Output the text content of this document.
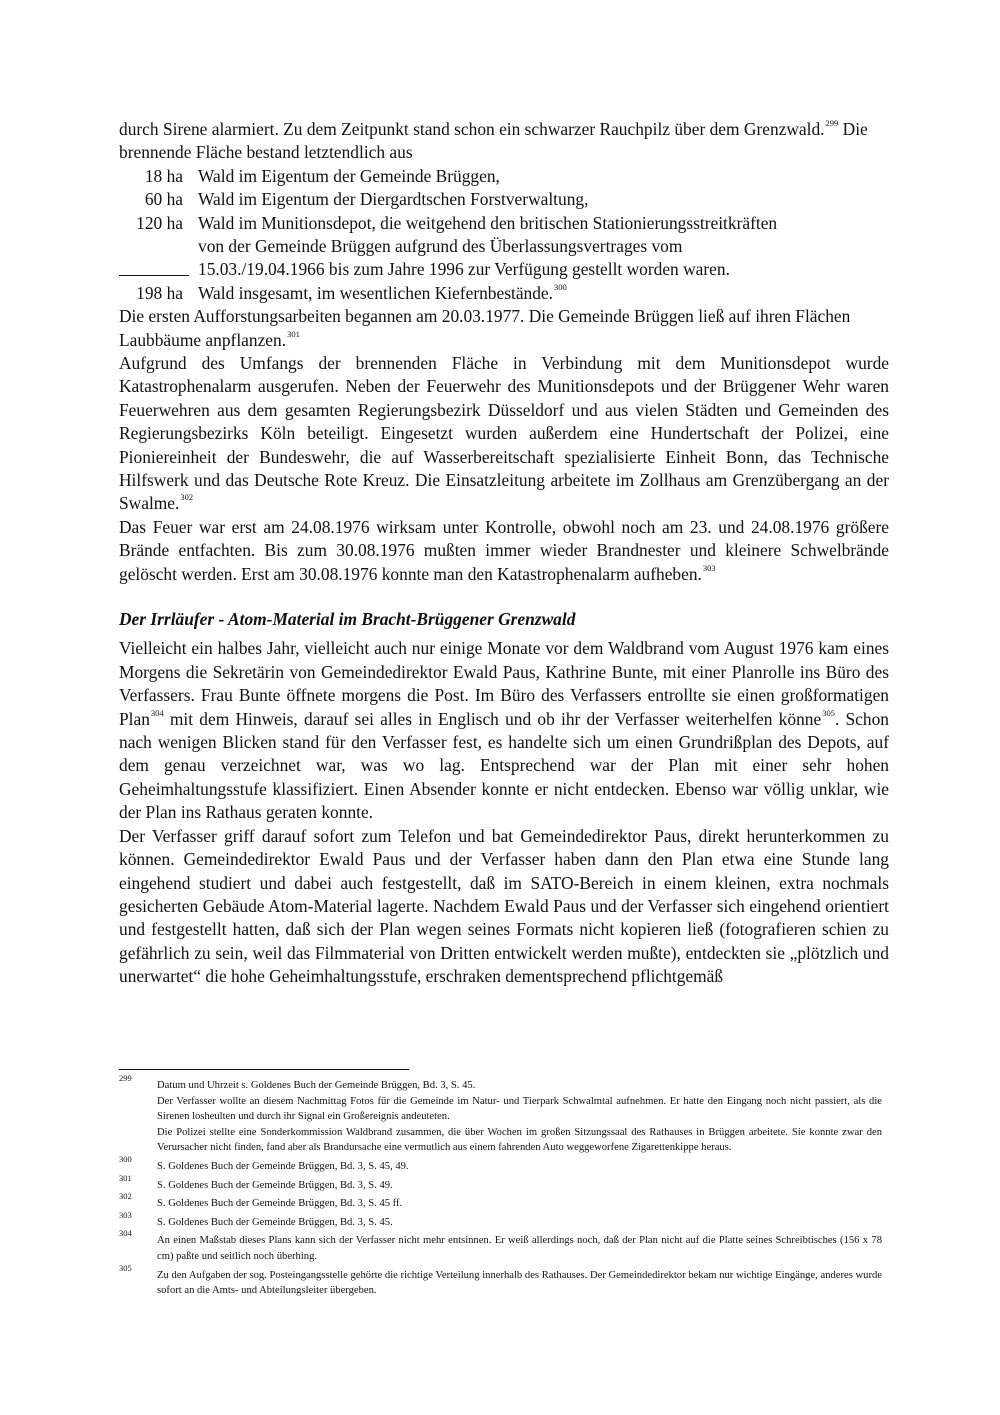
durch Sirene alarmiert. Zu dem Zeitpunkt stand schon ein schwarzer Rauchpilz über dem Grenzwald.$^{299}$ Die brennende Fläche bestand letztendlich aus

18 ha Wald im Eigentum der Gemeinde Brüggen,
60 ha Wald im Eigentum der Diergardtschen Forstverwaltung,
120 ha Wald im Munitionsdepot, die weitgehend den britischen Stationierungsstreitkräften
von der Gemeinde Brüggen aufgrund des Überlassungsvertrages vom
15.03./19.04.1966 bis zum Jahre 1996 zur Verfügung gestellt worden waren.
198 ha Wald insgesamt, im wesentlichen Kiefernbestände.$^{300}$

Die ersten Aufforstungsarbeiten begannen am 20.03.1977. Die Gemeinde Brüggen ließ auf ihren Flächen Laubbäume anpflanzen.$^{301}$

Aufgrund des Umfangs der brennenden Fläche in Verbindung mit dem Munitionsdepot wurde Katastrophenalarm ausgerufen. Neben der Feuerwehr des Munitionsdepots und der Brüggener Wehr waren Feuerwehren aus dem gesamten Regierungsbezirk Düsseldorf und aus vielen Städten und Gemeinden des Regierungsbezirks Köln beteiligt. Eingesetzt wurden außerdem eine Hundertschaft der Polizei, eine Pioniereinheit der Bundeswehr, die auf Wasserbereitschaft spezialisierte Einheit Bonn, das Technische Hilfswerk und das Deutsche Rote Kreuz. Die Einsatzleitung arbeitete im Zollhaus am Grenzübergang an der Swalme.$^{302}$

Das Feuer war erst am 24.08.1976 wirksam unter Kontrolle, obwohl noch am 23. und 24.08.1976 größere Brände entfachten. Bis zum 30.08.1976 mußten immer wieder Brandnester und kleinere Schwelbrände gelöscht werden. Erst am 30.08.1976 konnte man den Katastrophenalarm aufheben.$^{303}$

Der Irrläufer - Atom-Material im Bracht-Brüggener Grenzwald

Vielleicht ein halbes Jahr, vielleicht auch nur einige Monate vor dem Waldbrand vom August 1976 kam eines Morgens die Sekretärin von Gemeindedirektor Ewald Paus, Kathrine Bunte, mit einer Planrolle ins Büro des Verfassers. Frau Bunte öffnete morgens die Post. Im Büro des Verfassers entrollte sie einen großformatigen Plan$^{304}$ mit dem Hinweis, darauf sei alles in Englisch und ob ihr der Verfasser weiterhelfen könne$^{305}$. Schon nach wenigen Blicken stand für den Verfasser fest, es handelte sich um einen Grundrißplan des Depots, auf dem genau verzeichnet war, was wo lag. Entsprechend war der Plan mit einer sehr hohen Geheimhaltungsstufe klassifiziert. Einen Absender konnte er nicht entdecken. Ebenso war völlig unklar, wie der Plan ins Rathaus geraten konnte.

Der Verfasser griff darauf sofort zum Telefon und bat Gemeindedirektor Paus, direkt herunterkommen zu können. Gemeindedirektor Ewald Paus und der Verfasser haben dann den Plan etwa eine Stunde lang eingehend studiert und dabei auch festgestellt, daß im SATO-Bereich in einem kleinen, extra nochmals gesicherten Gebäude Atom-Material lagerte. Nachdem Ewald Paus und der Verfasser sich eingehend orientiert und festgestellt hatten, daß sich der Plan wegen seines Formats nicht kopieren ließ (fotografieren schien zu gefährlich zu sein, weil das Filmmaterial von Dritten entwickelt werden mußte), entdeckten sie „plötzlich und unerwartet“ die hohe Geheimhaltungsstufe, erschraken dementsprechend pflichtgemäß

299
Datum und Uhrzeit s. Goldenes Buch der Gemeinde Brüggen, Bd. 3, S. 45.
Der Verfasser wollte an diesem Nachmittag Fotos für die Gemeinde im Natur- und Tierpark Schwalmtal aufnehmen. Er hatte den Eingang noch nicht passiert, als die Sirenen losheulten und durch ihr Signal ein Großereignis andeuteten.
Die Polizei stellte eine Sonderkommission Waldbrand zusammen, die über Wochen im großen Sitzungssaal des Rathauses in Brüggen arbeitete. Sie konnte zwar den Verursacher nicht finden, fand aber als Brandursache eine vermutlich aus einem fahrenden Auto weggeworfene Zigarettenkippe heraus.
300
S. Goldenes Buch der Gemeinde Brüggen, Bd. 3, S. 45, 49.
301
S. Goldenes Buch der Gemeinde Brüggen, Bd. 3, S. 49.
302
S. Goldenes Buch der Gemeinde Brüggen, Bd. 3, S. 45 ff.
303
S. Goldenes Buch der Gemeinde Brüggen, Bd. 3, S. 45.
304
An einen Maßstab dieses Plans kann sich der Verfasser nicht mehr entsinnen. Er weiß allerdings noch, daß der Plan nicht auf die Platte seines Schreibtisches (156 x 78 cm) paßte und seitlich noch überhing.
305
Zu den Aufgaben der sog. Posteingangsstelle gehörte die richtige Verteilung innerhalb des Rathauses. Der Gemeindedirektor bekam nur wichtige Eingänge, anderes wurde sofort an die Amts- und Abteilungsleiter übergeben.
